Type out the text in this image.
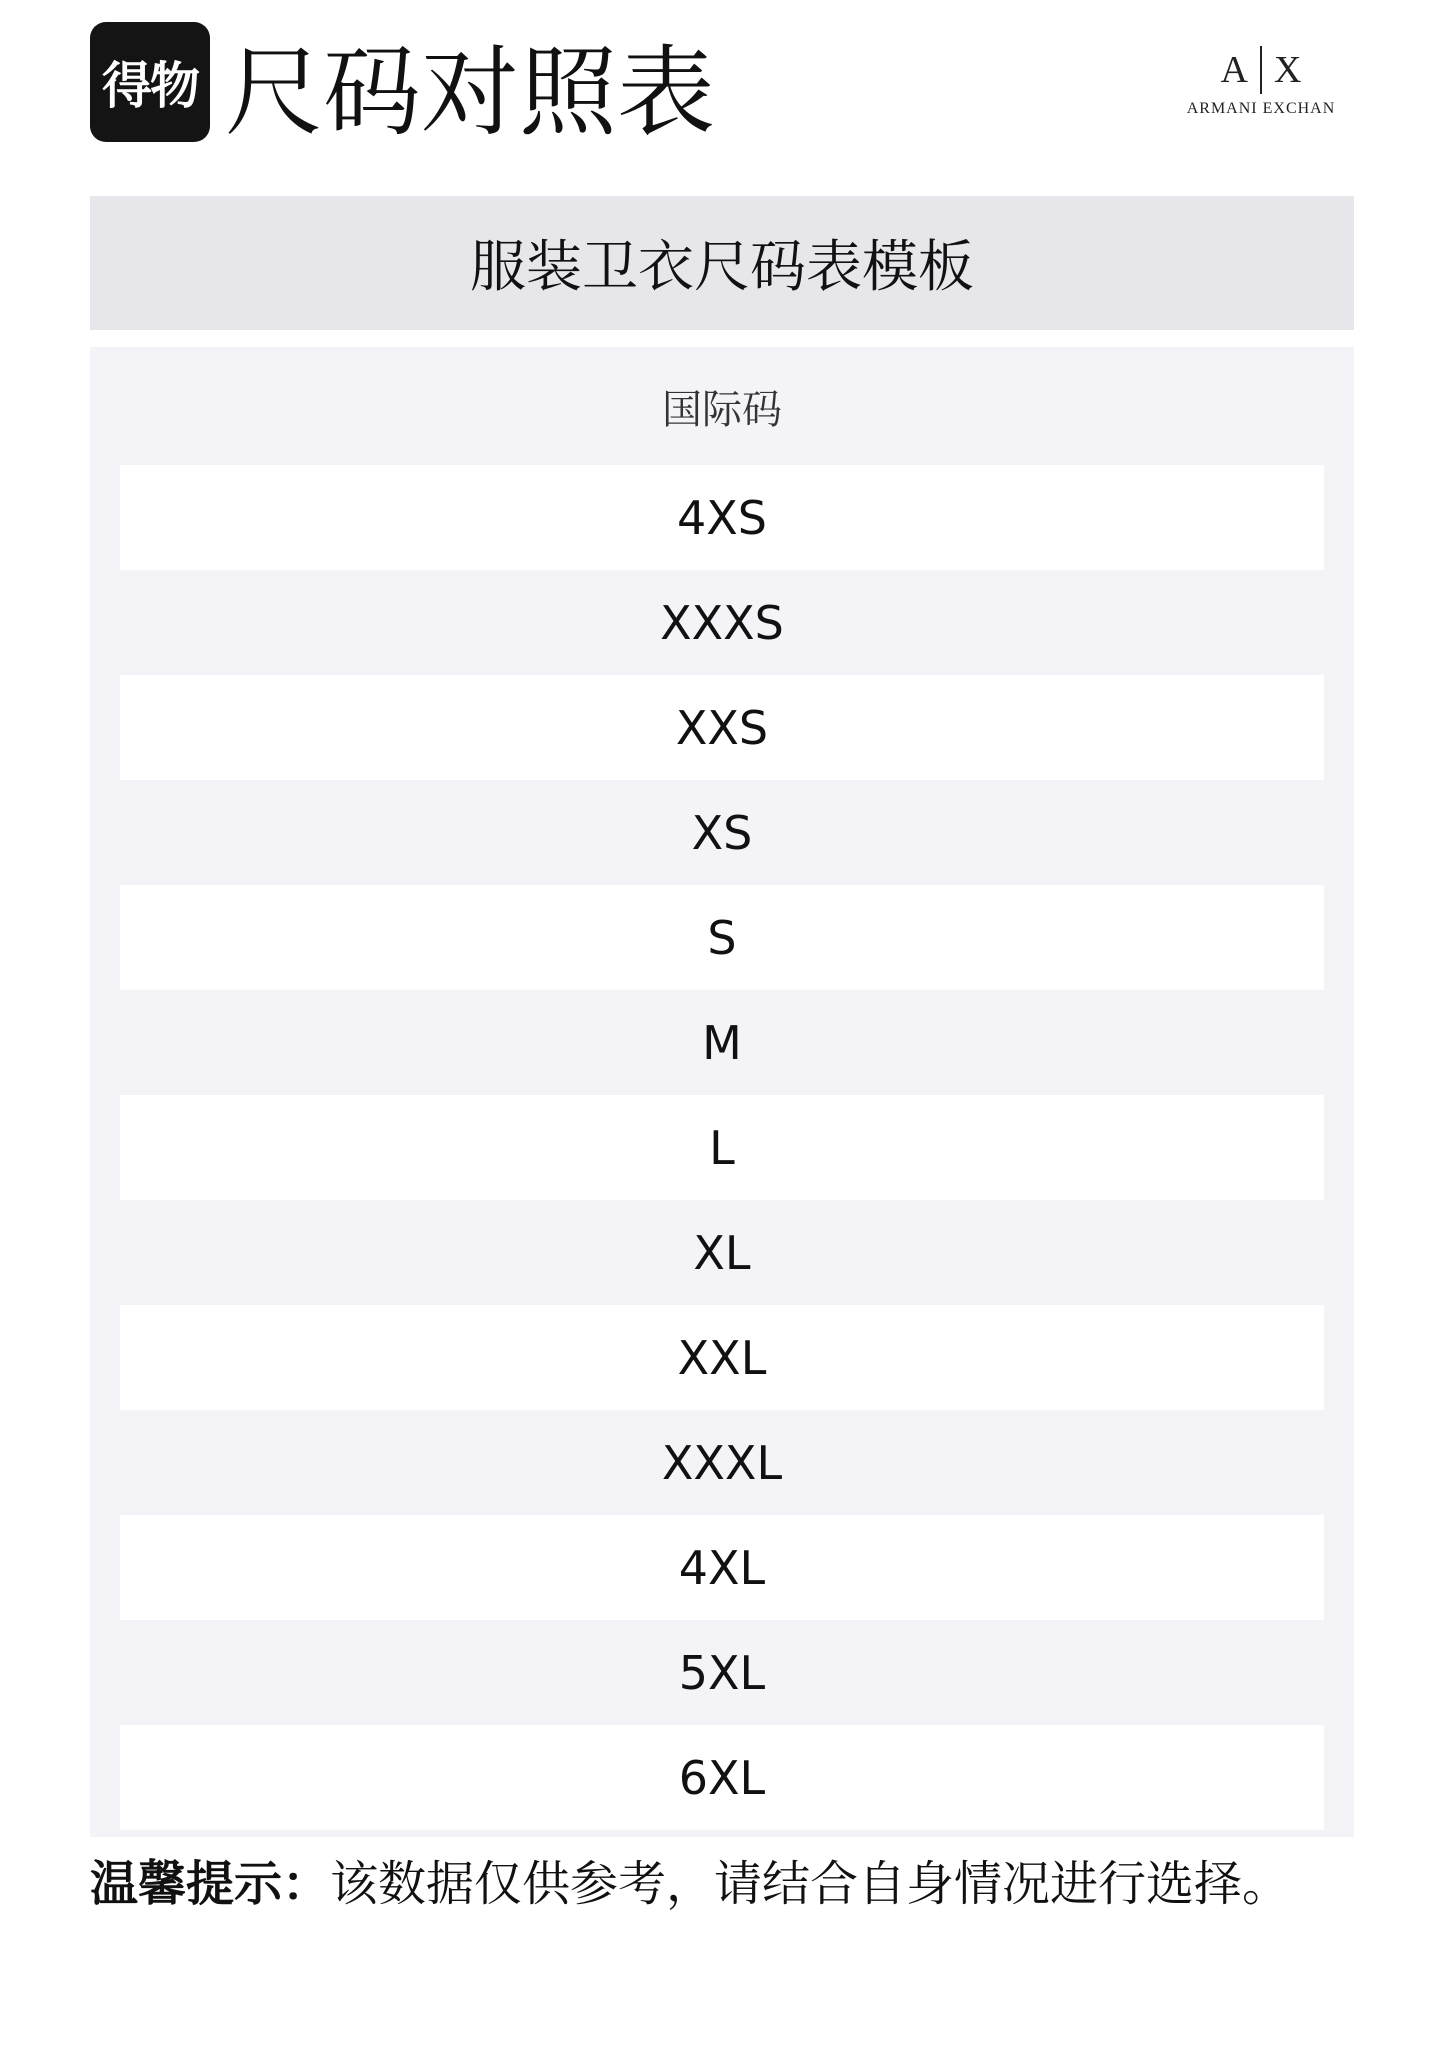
得物 尺码对照表	A X
ARMANI EXCHAN
服装卫衣尺码表模板
国际码
4XS
XXXS
XXS
XS
S
M
L
XL
XXL
XXXL
4XL
5XL
6XL
温馨提示：该数据仅供参考，请结合自身情况进行选择。
